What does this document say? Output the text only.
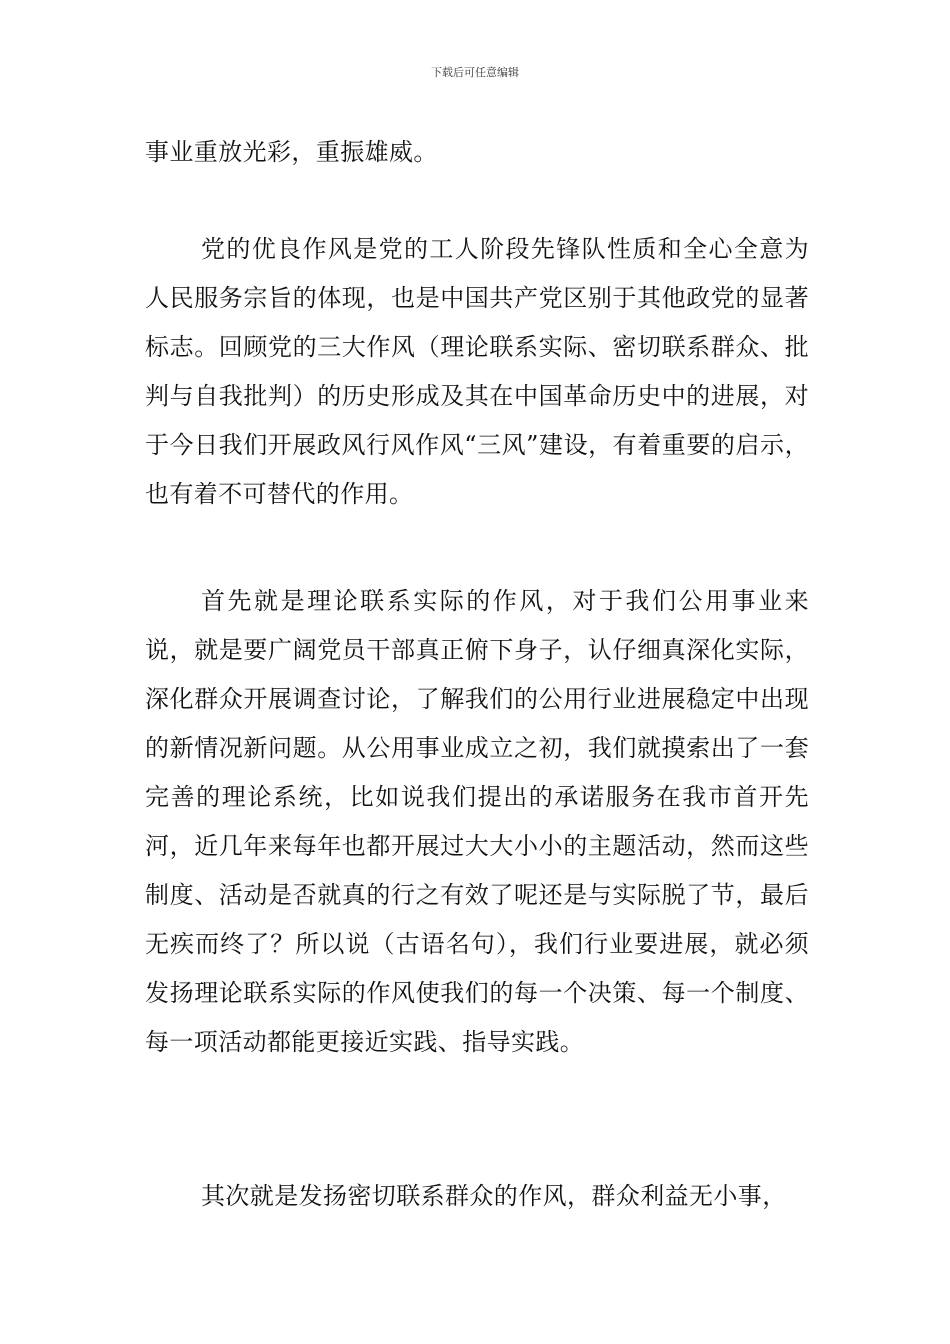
下载后可任意编辑

事业重放光彩，重振雄威。

党的优良作风是党的工人阶段先锋队性质和全心全意为人民服务宗旨的体现，也是中国共产党区别于其他政党的显著标志。回顾党的三大作风（理论联系实际、密切联系群众、批判与自我批判）的历史形成及其在中国革命历史中的进展，对于今日我们开展政风行风作风“三风”建设，有着重要的启示，也有着不可替代的作用。

首先就是理论联系实际的作风，对于我们公用事业来说，就是要广阔党员干部真正俯下身子，认仔细真深化实际，深化群众开展调查讨论，了解我们的公用行业进展稳定中出现的新情况新问题。从公用事业成立之初，我们就摸索出了一套完善的理论系统，比如说我们提出的承诺服务在我市首开先河，近几年来每年也都开展过大大小小的主题活动，然而这些制度、活动是否就真的行之有效了呢还是与实际脱了节，最后无疾而终了？所以说（古语名句），我们行业要进展，就必须发扬理论联系实际的作风使我们的每一个决策、每一个制度、每一项活动都能更接近实践、指导实践。

其次就是发扬密切联系群众的作风，群众利益无小事，
